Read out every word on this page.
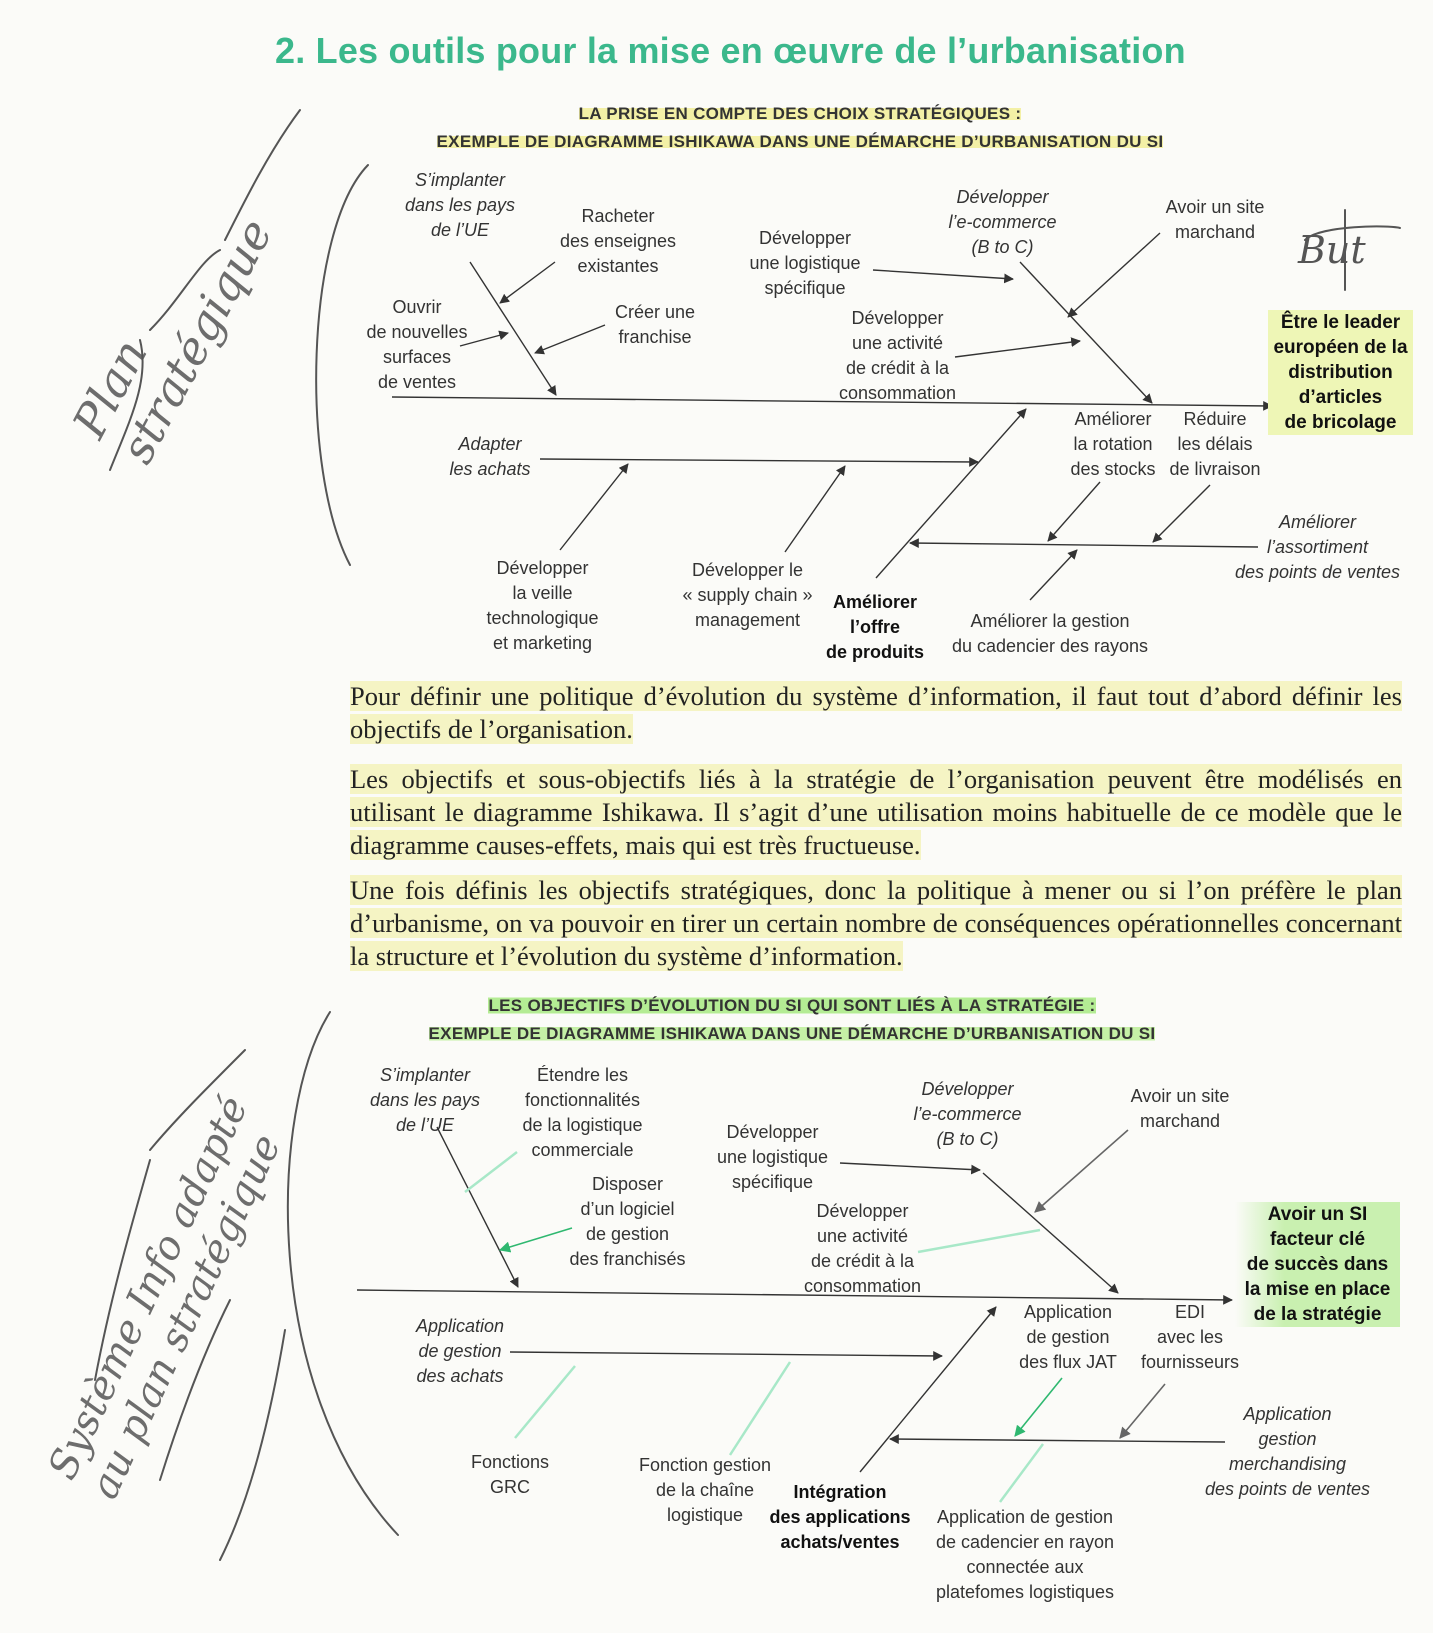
2. Les outils pour la mise en œuvre de l’urbanisation
LA PRISE EN COMPTE DES CHOIX STRATÉGIQUES :
EXEMPLE DE DIAGRAMME ISHIKAWA DANS UNE DÉMARCHE D’URBANISATION DU SI
Plan stratégique	But
Système Info adapté au plan stratégique
S’implanter
dans les pays
de l’UE
Racheter
des enseignes
existantes
Ouvrir
de nouvelles
surfaces
de ventes
Créer une
franchise
Développer
une logistique
spécifique
Développer
l’e-commerce
(B to C)
Avoir un site
marchand
Développer
une activité
de crédit à la
consommation
Adapter
les achats
Améliorer
la rotation
des stocks
Réduire
les délais
de livraison
Améliorer
l’assortiment
des points de ventes
Développer
la veille
technologique
et marketing
Développer le
« supply chain »
management
Améliorer
l’offre
de produits
Améliorer la gestion
du cadencier des rayons
Être le leader
européen de la
distribution
d’articles
de bricolage
Pour définir une politique d’évolution du système d’information, il faut tout d’abord définir les objectifs de l’organisation.
Les objectifs et sous-objectifs liés à la stratégie de l’organisation peuvent être modélisés en utilisant le diagramme Ishikawa. Il s’agit d’une utilisation moins habituelle de ce modèle que le diagramme causes-effets, mais qui est très fructueuse.
Une fois définis les objectifs stratégiques, donc la politique à mener ou si l’on préfère le plan d’urbanisme, on va pouvoir en tirer un certain nombre de conséquences opérationnelles concernant la structure et l’évolution du système d’information.
LES OBJECTIFS D’ÉVOLUTION DU SI QUI SONT LIÉS À LA STRATÉGIE :
EXEMPLE DE DIAGRAMME ISHIKAWA DANS UNE DÉMARCHE D’URBANISATION DU SI
S’implanter
dans les pays
de l’UE
Étendre les
fonctionnalités
de la logistique
commerciale
Disposer
d’un logiciel
de gestion
des franchisés
Développer
une logistique
spécifique
Développer
l’e-commerce
(B to C)
Avoir un site
marchand
Développer
une activité
de crédit à la
consommation
Application
de gestion
des achats
Application
de gestion
des flux JAT
EDI
avec les
fournisseurs
Application
gestion
merchandising
des points de ventes
Fonctions
GRC
Fonction gestion
de la chaîne
logistique
Intégration
des applications
achats/ventes
Application de gestion
de cadencier en rayon
connectée aux
platefomes logistiques
Avoir un SI
facteur clé
de succès dans
la mise en place
de la stratégie
